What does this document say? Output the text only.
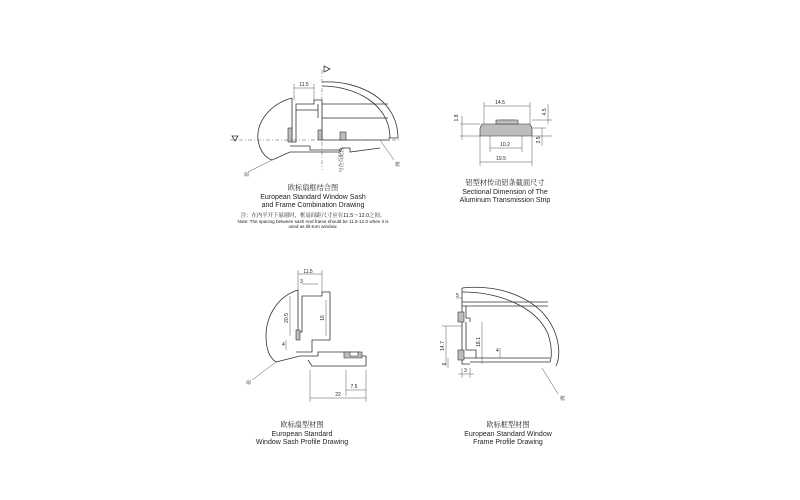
11.5
与合页配合
扇
框
欧标扇框结合图
European Standard Window Sash
and Frame Combination Drawing
注：在内平开下悬窗时，框扇间距尺寸应在11.5～12.0之间。
Note: The spacing between sash And frame should be 11.5-12.0 when it is
used as tilt-turn window.
14.5
10.2
19.5
1.8
4.5
2.5
铝型材传动铝条截面尺寸
Sectional Dimension of The
Aluminum Transmission Strip
11.5
3
20.5	16
4
7.5
22
扇
欧标扇型材图
European Standard
Window Sash Profile Drawing
5
14.7	18.1
4
6
3
框
欧标框型材图
European Standard Window
Frame Profile Drawing
